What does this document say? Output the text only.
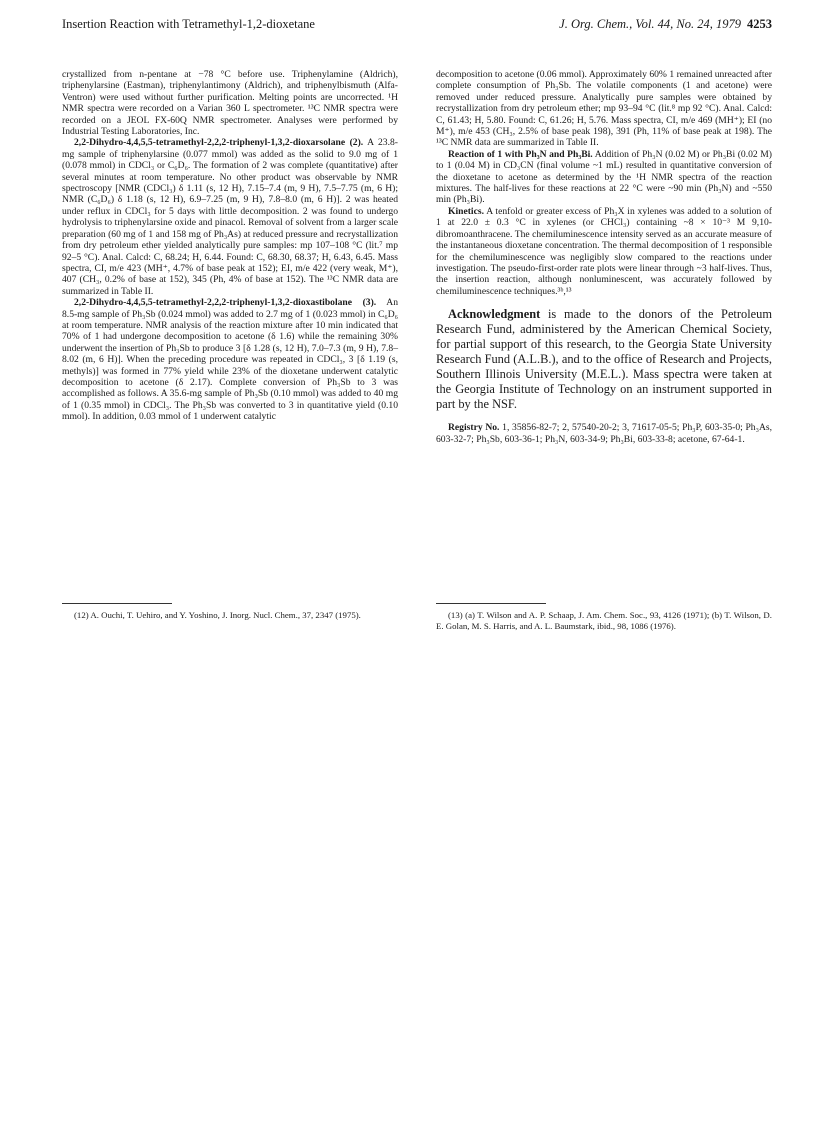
Insertion Reaction with Tetramethyl-1,2-dioxetane	J. Org. Chem., Vol. 44, No. 24, 1979 4253

crystallized from n-pentane at −78 °C before use. Triphenylamine (Aldrich), triphenylarsine (Eastman), triphenylantimony (Aldrich), and triphenylbismuth (Alfa-Ventron) were used without further purification. Melting points are uncorrected. ¹H NMR spectra were recorded on a Varian 360 L spectrometer. ¹³C NMR spectra were recorded on a JEOL FX-60Q NMR spectrometer. Analyses were performed by Industrial Testing Laboratories, Inc.

2,2-Dihydro-4,4,5,5-tetramethyl-2,2,2-triphenyl-1,3,2-dioxarsolane (2). A 23.8-mg sample of triphenylarsine (0.077 mmol) was added as the solid to 9.0 mg of 1 (0.078 mmol) in CDCl₃ or C₆D₆. The formation of 2 was complete (quantitative) after several minutes at room temperature. No other product was observable by NMR spectroscopy [NMR (CDCl₃) δ 1.11 (s, 12 H), 7.15–7.4 (m, 9 H), 7.5–7.75 (m, 6 H); NMR (C₆D₆) δ 1.18 (s, 12 H), 6.9–7.25 (m, 9 H), 7.8–8.0 (m, 6 H)]. 2 was heated under reflux in CDCl₃ for 5 days with little decomposition. 2 was found to undergo hydrolysis to triphenylarsine oxide and pinacol. Removal of solvent from a larger scale preparation (60 mg of 1 and 158 mg of Ph₃As) at reduced pressure and recrystallization from dry petroleum ether yielded analytically pure samples: mp 107–108 °C (lit.⁷ mp 92–5 °C). Anal. Calcd: C, 68.24; H, 6.44. Found: C, 68.30, 68.37; H, 6.43, 6.45. Mass spectra, CI, m/e 423 (MH⁺, 4.7% of base peak at 152); EI, m/e 422 (very weak, M⁺), 407 (CH₃, 0.2% of base at 152), 345 (Ph, 4% of base at 152). The ¹³C NMR data are summarized in Table II.

2,2-Dihydro-4,4,5,5-tetramethyl-2,2,2-triphenyl-1,3,2-dioxastibolane (3). An 8.5-mg sample of Ph₃Sb (0.024 mmol) was added to 2.7 mg of 1 (0.023 mmol) in C₆D₆ at room temperature. NMR analysis of the reaction mixture after 10 min indicated that 70% of 1 had undergone decomposition to acetone (δ 1.6) while the remaining 30% underwent the insertion of Ph₃Sb to produce 3 [δ 1.28 (s, 12 H), 7.0–7.3 (m, 9 H), 7.8–8.02 (m, 6 H)]. When the preceding procedure was repeated in CDCl₃, 3 [δ 1.19 (s, methyls)] was formed in 77% yield while 23% of the dioxetane underwent catalytic decomposition to acetone (δ 2.17). Complete conversion of Ph₃Sb to 3 was accomplished as follows. A 35.6-mg sample of Ph₃Sb (0.10 mmol) was added to 40 mg of 1 (0.35 mmol) in CDCl₃. The Ph₃Sb was converted to 3 in quantitative yield (0.10 mmol). In addition, 0.03 mmol of 1 underwent catalytic

decomposition to acetone (0.06 mmol). Approximately 60% 1 remained unreacted after complete consumption of Ph₃Sb. The volatile components (1 and acetone) were removed under reduced pressure. Analytically pure samples were obtained by recrystallization from dry petroleum ether; mp 93–94 °C (lit.⁸ mp 92 °C). Anal. Calcd: C, 61.43; H, 5.80. Found: C, 61.26; H, 5.76. Mass spectra, CI, m/e 469 (MH⁺); EI (no M⁺), m/e 453 (CH₃, 2.5% of base peak 198), 391 (Ph, 11% of base peak at 198). The ¹³C NMR data are summarized in Table II.

Reaction of 1 with Ph₃N and Ph₃Bi. Addition of Ph₃N (0.02 M) or Ph₃Bi (0.02 M) to 1 (0.04 M) in CD₃CN (final volume ~1 mL) resulted in quantitative conversion of the dioxetane to acetone as determined by the ¹H NMR spectra of the reaction mixtures. The half-lives for these reactions at 22 °C were ~90 min (Ph₃N) and ~550 min (Ph₃Bi).

Kinetics. A tenfold or greater excess of Ph₃X in xylenes was added to a solution of 1 at 22.0 ± 0.3 °C in xylenes (or CHCl₃) containing ~8 × 10⁻³ M 9,10-dibromoanthracene. The chemiluminescence intensity served as an accurate measure of the instantaneous dioxetane concentration. The thermal decomposition of 1 responsible for the chemiluminescence was negligibly slow compared to the reactions under investigation. The pseudo-first-order rate plots were linear through ~3 half-lives. Thus, the insertion reaction, although nonluminescent, was accurately followed by chemiluminescence techniques.³ᵇ,¹³

Acknowledgment is made to the donors of the Petroleum Research Fund, administered by the American Chemical Society, for partial support of this research, to the Georgia State University Research Fund (A.L.B.), and to the office of Research and Projects, Southern Illinois University (M.E.L.). Mass spectra were taken at the Georgia Institute of Technology on an instrument supported in part by the NSF.

Registry No. 1, 35856-82-7; 2, 57540-20-2; 3, 71617-05-5; Ph₃P, 603-35-0; Ph₃As, 603-32-7; Ph₃Sb, 603-36-1; Ph₃N, 603-34-9; Ph₃Bi, 603-33-8; acetone, 67-64-1.

(12) A. Ouchi, T. Uehiro, and Y. Yoshino, J. Inorg. Nucl. Chem., 37, 2347 (1975).	(13) (a) T. Wilson and A. P. Schaap, J. Am. Chem. Soc., 93, 4126 (1971); (b) T. Wilson, D. E. Golan, M. S. Harris, and A. L. Baumstark, ibid., 98, 1086 (1976).
